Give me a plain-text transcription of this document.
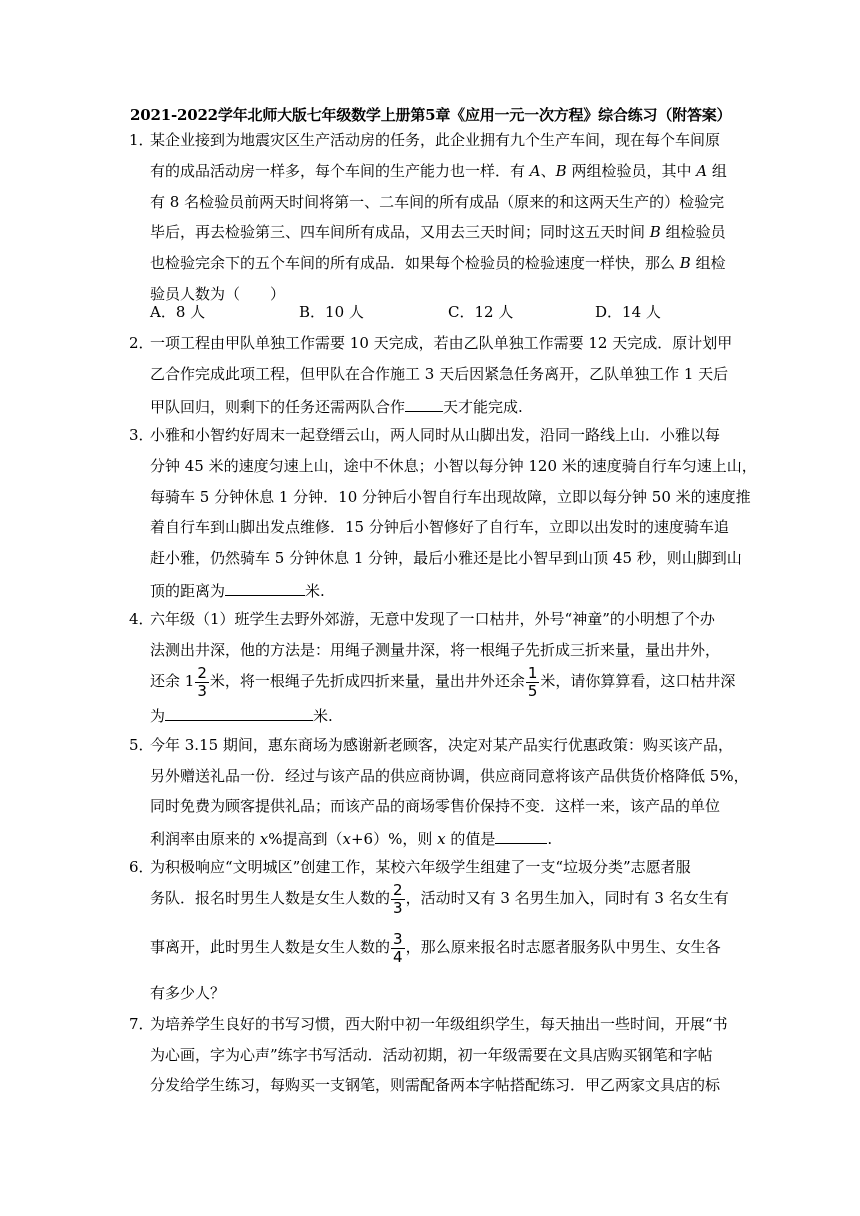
2021-2022学年北师大版七年级数学上册第5章《应用一元一次方程》综合练习（附答案）
1．
某企业接到为地震灾区生产活动房的任务，此企业拥有九个生产车间，现在每个车间原
有的成品活动房一样多，每个车间的生产能力也一样．有 A、B 两组检验员，其中 A 组
有 8 名检验员前两天时间将第一、二车间的所有成品（原来的和这两天生产的）检验完
毕后，再去检验第三、四车间所有成品，又用去三天时间；同时这五天时间 B 组检验员
也检验完余下的五个车间的所有成品．如果每个检验员的检验速度一样快，那么 B 组检
验员人数为（　　）
A．8 人	B．10 人	C．12 人	D．14 人
2．
一项工程由甲队单独工作需要 10 天完成，若由乙队单独工作需要 12 天完成．原计划甲
乙合作完成此项工程，但甲队在合作施工 3 天后因紧急任务离开，乙队单独工作 1 天后
甲队回归，则剩下的任务还需两队合作	天才能完成.
3．
小雅和小智约好周末一起登缙云山，两人同时从山脚出发，沿同一路线上山．小雅以每
分钟 45 米的速度匀速上山，途中不休息；小智以每分钟 120 米的速度骑自行车匀速上山，
每骑车 5 分钟休息 1 分钟．10 分钟后小智自行车出现故障，立即以每分钟 50 米的速度推
着自行车到山脚出发点维修．15 分钟后小智修好了自行车，立即以出发时的速度骑车追
赶小雅，仍然骑车 5 分钟休息 1 分钟，最后小雅还是比小智早到山顶 45 秒，则山脚到山
顶的距离为	米.
4．
六年级（1）班学生去野外郊游，无意中发现了一口枯井，外号“神童”的小明想了个办
法测出井深，他的方法是：用绳子测量井深，将一根绳子先折成三折来量，量出井外，
还余 $1 \frac{2}{3}$ 米，将一根绳子先折成四折来量，量出井外还余 $\frac{1}{5}$ 米，请你算算看，这口枯井深
为	米.
5．
今年 3.15 期间，惠东商场为感谢新老顾客，决定对某产品实行优惠政策：购买该产品，
另外赠送礼品一份．经过与该产品的供应商协调，供应商同意将该产品供货价格降低 5%，
同时免费为顾客提供礼品；而该产品的商场零售价保持不变．这样一来，该产品的单位
利润率由原来的 x%提高到（x+6）%，则 x 的值是	.
6．
为积极响应“文明城区”创建工作，某校六年级学生组建了一支“垃圾分类”志愿者服
务队．报名时男生人数是女生人数的 $\frac{2}{3}$ ，活动时又有 3 名男生加入，同时有 3 名女生有
事离开，此时男生人数是女生人数的 $\frac{3}{4}$ ，那么原来报名时志愿者服务队中男生、女生各
有多少人？
7．
为培养学生良好的书写习惯，西大附中初一年级组织学生，每天抽出一些时间，开展“书
为心画，字为心声”练字书写活动．活动初期，初一年级需要在文具店购买钢笔和字帖
分发给学生练习，每购买一支钢笔，则需配备两本字帖搭配练习．甲乙两家文具店的标
